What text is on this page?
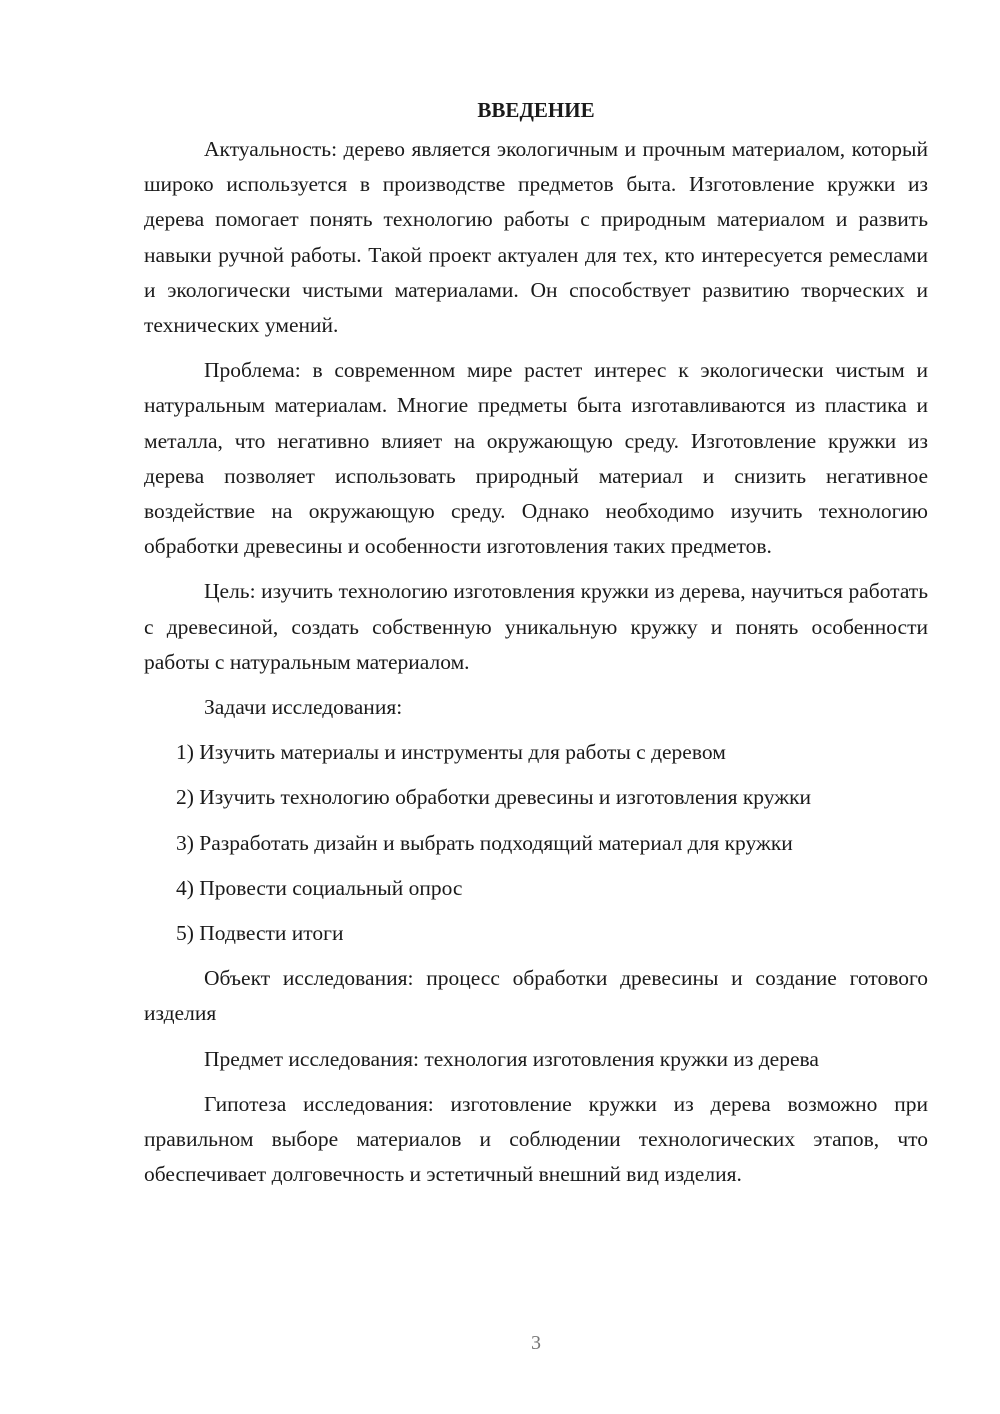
ВВЕДЕНИЕ

Актуальность: дерево является экологичным и прочным материалом, который широко используется в производстве предметов быта. Изготовление кружки из дерева помогает понять технологию работы с природным материалом и развить навыки ручной работы. Такой проект актуален для тех, кто интересуется ремеслами и экологически чистыми материалами. Он способствует развитию творческих и технических умений.

Проблема: в современном мире растет интерес к экологически чистым и натуральным материалам. Многие предметы быта изготавливаются из пластика и металла, что негативно влияет на окружающую среду. Изготовление кружки из дерева позволяет использовать природный материал и снизить негативное воздействие на окружающую среду. Однако необходимо изучить технологию обработки древесины и особенности изготовления таких предметов.

Цель: изучить технологию изготовления кружки из дерева, научиться работать с древесиной, создать собственную уникальную кружку и понять особенности работы с натуральным материалом.

Задачи исследования:

1) Изучить материалы и инструменты для работы с деревом
2) Изучить технологию обработки древесины и изготовления кружки
3) Разработать дизайн и выбрать подходящий материал для кружки
4) Провести социальный опрос
5) Подвести итоги

Объект исследования: процесс обработки древесины и создание готового изделия

Предмет исследования: технология изготовления кружки из дерева

Гипотеза исследования: изготовление кружки из дерева возможно при правильном выборе материалов и соблюдении технологических этапов, что обеспечивает долговечность и эстетичный внешний вид изделия.

3
